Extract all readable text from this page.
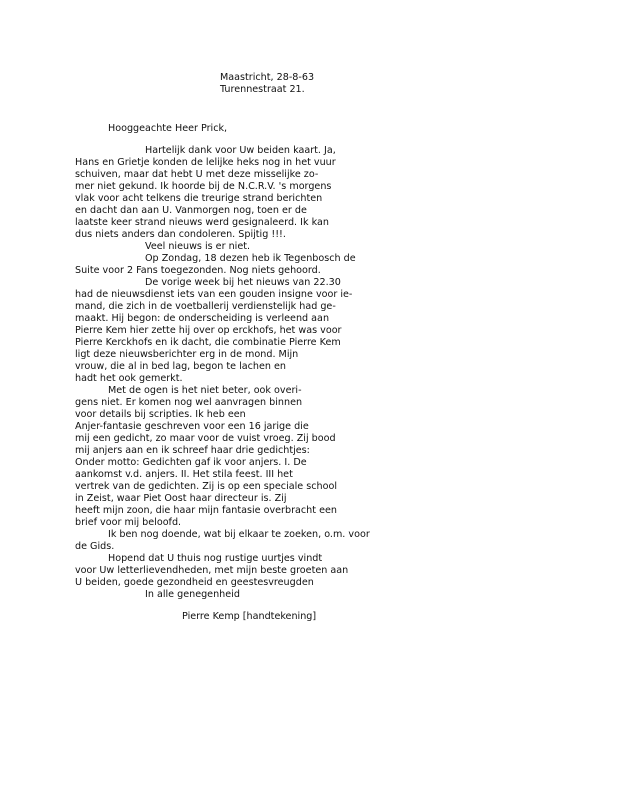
Maastricht, 28-8-63
Turennestraat 21.
Hooggeachte Heer Prick,
Hartelijk dank voor Uw beiden kaart. Ja,
Hans en Grietje konden de lelijke heks nog in het vuur
schuiven, maar dat hebt U met deze misselijke zo-
mer niet gekund. Ik hoorde bij de N.C.R.V. 's morgens
vlak voor acht telkens die treurige strand berichten
en dacht dan aan U. Vanmorgen nog, toen er de
laatste keer strand nieuws werd gesignaleerd. Ik kan
dus niets anders dan condoleren. Spijtig !!!.
Veel nieuws is er niet.
Op Zondag, 18 dezen heb ik Tegenbosch de
Suite voor 2 Fans toegezonden. Nog niets gehoord.
De vorige week bij het nieuws van 22.30
had de nieuwsdienst iets van een gouden insigne voor ie-
mand, die zich in de voetballerij verdienstelijk had ge-
maakt. Hij begon: de onderscheiding is verleend aan
Pierre Kem hier zette hij over op erckhofs, het was voor
Pierre Kerckhofs en ik dacht, die combinatie Pierre Kem
ligt deze nieuwsberichter erg in de mond. Mijn
vrouw, die al in bed lag, begon te lachen en
hadt het ook gemerkt.
Met de ogen is het niet beter, ook overi-
gens niet. Er komen nog wel aanvragen binnen
voor details bij scripties. Ik heb een
Anjer-fantasie geschreven voor een 16 jarige die
mij een gedicht, zo maar voor de vuist vroeg. Zij bood
mij anjers aan en ik schreef haar drie gedichtjes:
Onder motto: Gedichten gaf ik voor anjers. I. De
aankomst v.d. anjers. II. Het stila feest. III het
vertrek van de gedichten. Zij is op een speciale school
in Zeist, waar Piet Oost haar directeur is. Zij
heeft mijn zoon, die haar mijn fantasie overbracht een
brief voor mij beloofd.
Ik ben nog doende, wat bij elkaar te zoeken, o.m. voor
de Gids.
Hopend dat U thuis nog rustige uurtjes vindt
voor Uw letterlievendheden, met mijn beste groeten aan
U beiden, goede gezondheid en geestesvreugden
In alle genegenheid
Pierre Kemp [handtekening]
